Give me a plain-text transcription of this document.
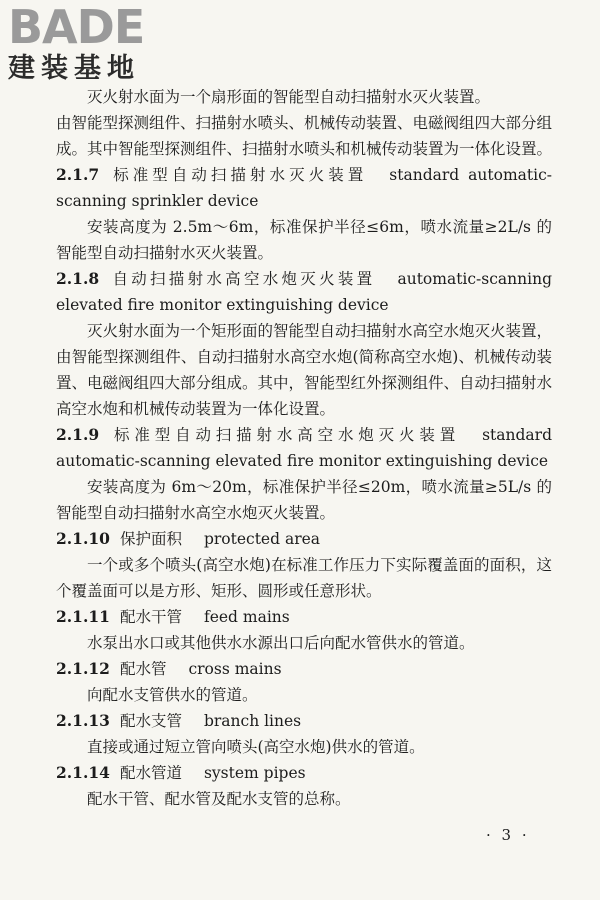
BADE
建装基地

灭火射水面为一个扇形面的智能型自动扫描射水灭火装置。

由智能型探测组件、扫描射水喷头、机械传动装置、电磁阀组四大部分组成。其中智能型探测组件、扫描射水喷头和机械传动装置为一体化设置。

2.1.7 标准型自动扫描射水灭火装置 standard automatic-scanning sprinkler device

安装高度为 2.5m～6m，标准保护半径≤6m，喷水流量≥2L/s 的智能型自动扫描射水灭火装置。

2.1.8 自动扫描射水高空水炮灭火装置 automatic-scanning elevated fire monitor extinguishing device

灭火射水面为一个矩形面的智能型自动扫描射水高空水炮灭火装置，由智能型探测组件、自动扫描射水高空水炮(简称高空水炮)、机械传动装置、电磁阀组四大部分组成。其中，智能型红外探测组件、自动扫描射水高空水炮和机械传动装置为一体化设置。

2.1.9 标准型自动扫描射水高空水炮灭火装置 standard automatic-scanning elevated fire monitor extinguishing device

安装高度为 6m～20m，标准保护半径≤20m，喷水流量≥5L/s 的智能型自动扫描射水高空水炮灭火装置。

2.1.10 保护面积 protected area

一个或多个喷头(高空水炮)在标准工作压力下实际覆盖面的面积，这个覆盖面可以是方形、矩形、圆形或任意形状。

2.1.11 配水干管 feed mains

水泵出水口或其他供水水源出口后向配水管供水的管道。

2.1.12 配水管 cross mains

向配水支管供水的管道。

2.1.13 配水支管 branch lines

直接或通过短立管向喷头(高空水炮)供水的管道。

2.1.14 配水管道 system pipes

配水干管、配水管及配水支管的总称。

· 3 ·
